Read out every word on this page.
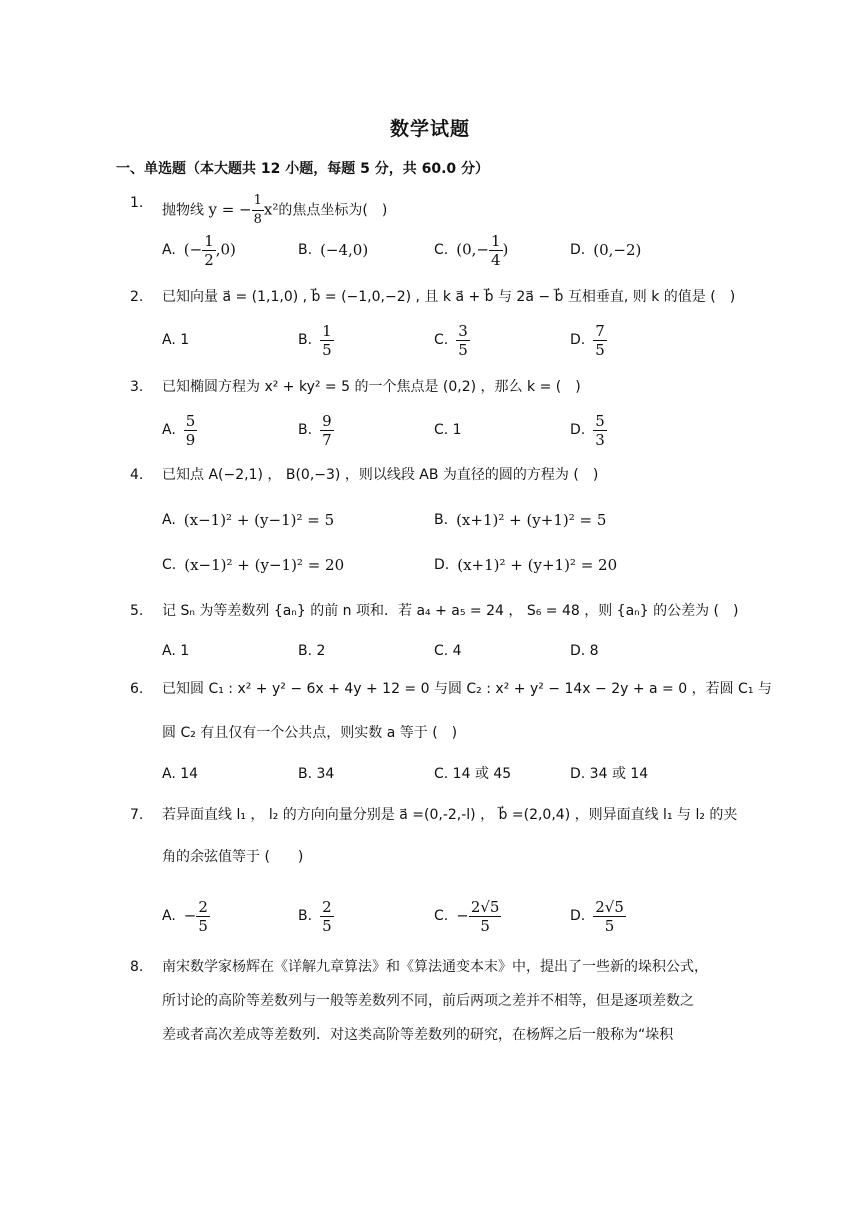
数学试题
一、单选题（本大题共 12 小题，每题 5 分，共 60.0 分）
1.	抛物线 y = − $\frac{1}{8} x^2$的焦点坐标为(　)
A. (− $\frac{1}{2} ,0$)	B. (−4,0)	C. ($0,- \frac{1}{4}$ )	D. (0,−2)
2.	已知向量 a⃗ = (1,1,0) , b⃗ = (−1,0,−2) , 且 k a⃗ + b⃗ 与 2a⃗ − b⃗ 互相垂直, 则 k 的值是 (　)
A. 1	B. $\frac{1}{5}$	C. $\frac{3}{5}$	D. $\frac{7}{5}$
3.	已知椭圆方程为 x² + ky² = 5 的一个焦点是 (0,2) ，那么 k = (　)
A. $\frac{5}{9}$	B. $\frac{9}{7}$	C. 1	D. $\frac{5}{3}$
4.	已知点 A(−2,1) ， B(0,−3) ，则以线段 AB 为直径的圆的方程为 (　)
A. (x−1)² + (y−1)² = 5	B. (x+1)² + (y+1)² = 5
C. (x−1)² + (y−1)² = 20	D. (x+1)² + (y+1)² = 20
5.	记 Sₙ 为等差数列 {aₙ} 的前 n 项和．若 a₄ + a₅ = 24 ， S₆ = 48 ，则 {aₙ} 的公差为 (　)
A. 1	B. 2	C. 4	D. 8
6.	已知圆 C₁ : x² + y² − 6x + 4y + 12 = 0 与圆 C₂ : x² + y² − 14x − 2y + a = 0 ，若圆 C₁ 与
圆 C₂ 有且仅有一个公共点，则实数 a 等于 (　)
A. 14	B. 34	C. 14 或 45	D. 34 或 14
7.	若异面直线 l₁ ， l₂ 的方向向量分别是 a⃗ =(0,-2,-l) ， b⃗ =(2,0,4) ，则异面直线 l₁ 与 l₂ 的夹
角的余弦值等于 (　　)
A. − $\frac{2}{5}$	B. $\frac{2}{5}$	C. − $\frac{2√5}{5}$	D. $\frac{2√5}{5}$
8.	南宋数学家杨辉在《详解九章算法》和《算法通变本末》中，提出了一些新的垛积公式，
所讨论的高阶等差数列与一般等差数列不同，前后两项之差并不相等，但是逐项差数之
差或者高次差成等差数列．对这类高阶等差数列的研究，在杨辉之后一般称为“垛积
